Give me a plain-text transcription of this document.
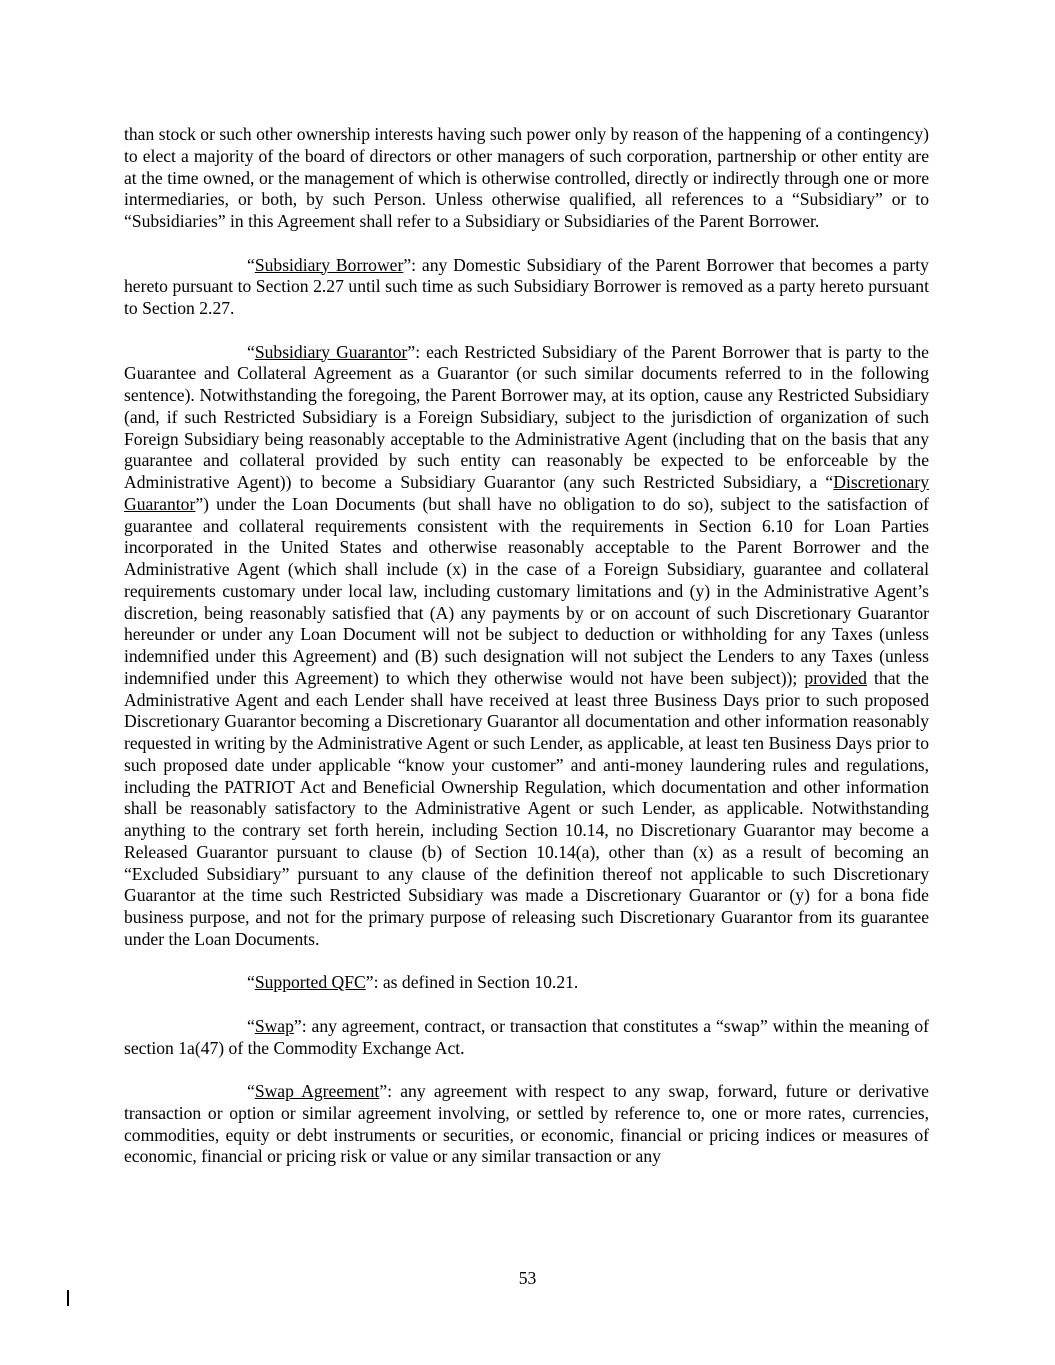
than stock or such other ownership interests having such power only by reason of the happening of a contingency) to elect a majority of the board of directors or other managers of such corporation, partnership or other entity are at the time owned, or the management of which is otherwise controlled, directly or indirectly through one or more intermediaries, or both, by such Person. Unless otherwise qualified, all references to a “Subsidiary” or to “Subsidiaries” in this Agreement shall refer to a Subsidiary or Subsidiaries of the Parent Borrower.

“Subsidiary Borrower”: any Domestic Subsidiary of the Parent Borrower that becomes a party hereto pursuant to Section 2.27 until such time as such Subsidiary Borrower is removed as a party hereto pursuant to Section 2.27.

“Subsidiary Guarantor”: each Restricted Subsidiary of the Parent Borrower that is party to the Guarantee and Collateral Agreement as a Guarantor (or such similar documents referred to in the following sentence). Notwithstanding the foregoing, the Parent Borrower may, at its option, cause any Restricted Subsidiary (and, if such Restricted Subsidiary is a Foreign Subsidiary, subject to the jurisdiction of organization of such Foreign Subsidiary being reasonably acceptable to the Administrative Agent (including that on the basis that any guarantee and collateral provided by such entity can reasonably be expected to be enforceable by the Administrative Agent)) to become a Subsidiary Guarantor (any such Restricted Subsidiary, a “Discretionary Guarantor”) under the Loan Documents (but shall have no obligation to do so), subject to the satisfaction of guarantee and collateral requirements consistent with the requirements in Section 6.10 for Loan Parties incorporated in the United States and otherwise reasonably acceptable to the Parent Borrower and the Administrative Agent (which shall include (x) in the case of a Foreign Subsidiary, guarantee and collateral requirements customary under local law, including customary limitations and (y) in the Administrative Agent’s discretion, being reasonably satisfied that (A) any payments by or on account of such Discretionary Guarantor hereunder or under any Loan Document will not be subject to deduction or withholding for any Taxes (unless indemnified under this Agreement) and (B) such designation will not subject the Lenders to any Taxes (unless indemnified under this Agreement) to which they otherwise would not have been subject)); provided that the Administrative Agent and each Lender shall have received at least three Business Days prior to such proposed Discretionary Guarantor becoming a Discretionary Guarantor all documentation and other information reasonably requested in writing by the Administrative Agent or such Lender, as applicable, at least ten Business Days prior to such proposed date under applicable “know your customer” and anti-money laundering rules and regulations, including the PATRIOT Act and Beneficial Ownership Regulation, which documentation and other information shall be reasonably satisfactory to the Administrative Agent or such Lender, as applicable. Notwithstanding anything to the contrary set forth herein, including Section 10.14, no Discretionary Guarantor may become a Released Guarantor pursuant to clause (b) of Section 10.14(a), other than (x) as a result of becoming an “Excluded Subsidiary” pursuant to any clause of the definition thereof not applicable to such Discretionary Guarantor at the time such Restricted Subsidiary was made a Discretionary Guarantor or (y) for a bona fide business purpose, and not for the primary purpose of releasing such Discretionary Guarantor from its guarantee under the Loan Documents.

“Supported QFC”: as defined in Section 10.21.

“Swap”: any agreement, contract, or transaction that constitutes a “swap” within the meaning of section 1a(47) of the Commodity Exchange Act.

“Swap Agreement”: any agreement with respect to any swap, forward, future or derivative transaction or option or similar agreement involving, or settled by reference to, one or more rates, currencies, commodities, equity or debt instruments or securities, or economic, financial or pricing indices or measures of economic, financial or pricing risk or value or any similar transaction or any

53
